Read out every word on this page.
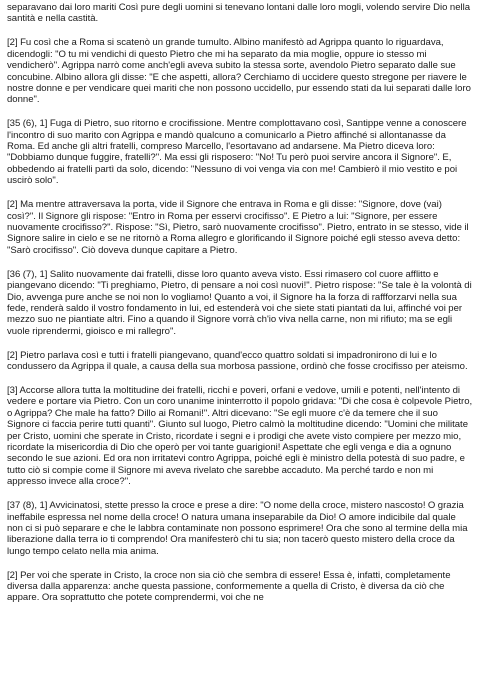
separavano dai loro mariti Così pure degli uomini si tenevano lontani dalle loro mogli, volendo servire Dio nella santità e nella castità.

[2] Fu così che a Roma si scatenò un grande tumulto. Albino manifestò ad Agrippa quanto lo riguardava, dicendogli: "O tu mi vendichi di questo Pietro che mi ha separato da mia moglie, oppure io stesso mi vendicherò". Agrippa narrò come anch'egli aveva subito la stessa sorte, avendolo Pietro separato dalle sue concubine. Albino allora gli disse: "E che aspetti, allora? Cerchiamo di uccidere questo stregone per riavere le nostre donne e per vendicare quei mariti che non possono uccidello, pur essendo stati da lui separati dalle loro donne".

[35 (6), 1] Fuga di Pietro, suo ritorno e crocifissione. Mentre complottavano così, Santippe venne a conoscere l'incontro di suo marito con Agrippa e mandò qualcuno a comunicarlo a Pietro affinché si allontanasse da Roma. Ed anche gli altri fratelli, compreso Marcello, l'esortavano ad andarsene. Ma Pietro diceva loro: "Dobbiamo dunque fuggire, fratelli?". Ma essi gli risposero: "No! Tu però puoi servire ancora il Signore". E, obbedendo ai fratelli partì da solo, dicendo: "Nessuno di voi venga via con me! Cambierò il mio vestito e poi uscirò solo".

[2] Ma mentre attraversava la porta, vide il Signore che entrava in Roma e gli disse: "Signore, dove (vai) così?". Il Signore gli rispose: "Entro in Roma per esservi crocifisso". E Pietro a lui: "Signore, per essere nuovamente crocifisso?". Rispose: "Sì, Pietro, sarò nuovamente crocifisso". Pietro, entrato in se stesso, vide il Signore salire in cielo e se ne ritornò a Roma allegro e glorificando il Signore poiché egli stesso aveva detto: "Sarò crocifisso". Ciò doveva dunque capitare a Pietro.

[36 (7), 1] Salito nuovamente dai fratelli, disse loro quanto aveva visto. Essi rimasero col cuore afflitto e piangevano dicendo: "Ti preghiamo, Pietro, di pensare a noi così nuovi!". Pietro rispose: "Se tale è la volontà di Dio, avvenga pure anche se noi non lo vogliamo! Quanto a voi, il Signore ha la forza di raffforzarvi nella sua fede, renderà saldo il vostro fondamento in lui, ed estenderà voi che siete stati piantati da lui, affinché voi per mezzo suo ne piantiate altri. Fino a quando il Signore vorrà ch'io viva nella carne, non mi rifiuto; ma se egli vuole riprendermi, gioisco e mi rallegro".

[2] Pietro parlava così e tutti i fratelli piangevano, quand'ecco quattro soldati si impadronirono di lui e lo condussero da Agrippa il quale, a causa della sua morbosa passione, ordinò che fosse crocifisso per ateismo.

[3] Accorse allora tutta la moltitudine dei fratelli, ricchi e poveri, orfani e vedove, umili e potenti, nell'intento di vedere e portare via Pietro. Con un coro unanime ininterrotto il popolo gridava: "Di che cosa è colpevole Pietro, o Agrippa? Che male ha fatto? Dillo ai Romani!". Altri dicevano: "Se egli muore c'è da temere che il suo Signore ci faccia perire tutti quanti". Giunto sul luogo, Pietro calmò la moltitudine dicendo: "Uomini che militate per Cristo, uomini che sperate in Cristo, ricordate i segni e i prodigi che avete visto compiere per mezzo mio, ricordate la misericordia di Dio che operò per voi tante guarigioni! Aspettate che egli venga e dia a ognuno secondo le sue azioni. Ed ora non irritatevi contro Agrippa, poiché egli è ministro della potestà di suo padre, e tutto ciò si compie come il Signore mi aveva rivelato che sarebbe accaduto. Ma perché tardo e non mi appresso invece alla croce?".

[37 (8), 1] Avvicinatosi, stette presso la croce e prese a dire: "O nome della croce, mistero nascosto! O grazia ineffabile espressa nel nome della croce! O natura umana inseparabile da Dio! O amore indicibile dal quale non ci si può separare e che le labbra contaminate non possono esprimere! Ora che sono al termine della mia liberazione dalla terra io ti comprendo! Ora manifesterò chi tu sia; non tacerò questo mistero della croce da lungo tempo celato nella mia anima.

[2] Per voi che sperate in Cristo, la croce non sia ciò che sembra di essere! Essa è, infatti, completamente diversa dalla apparenza: anche questa passione, conformemente a quella di Cristo, è diversa da ciò che appare. Ora soprattutto che potete comprendermi, voi che ne
